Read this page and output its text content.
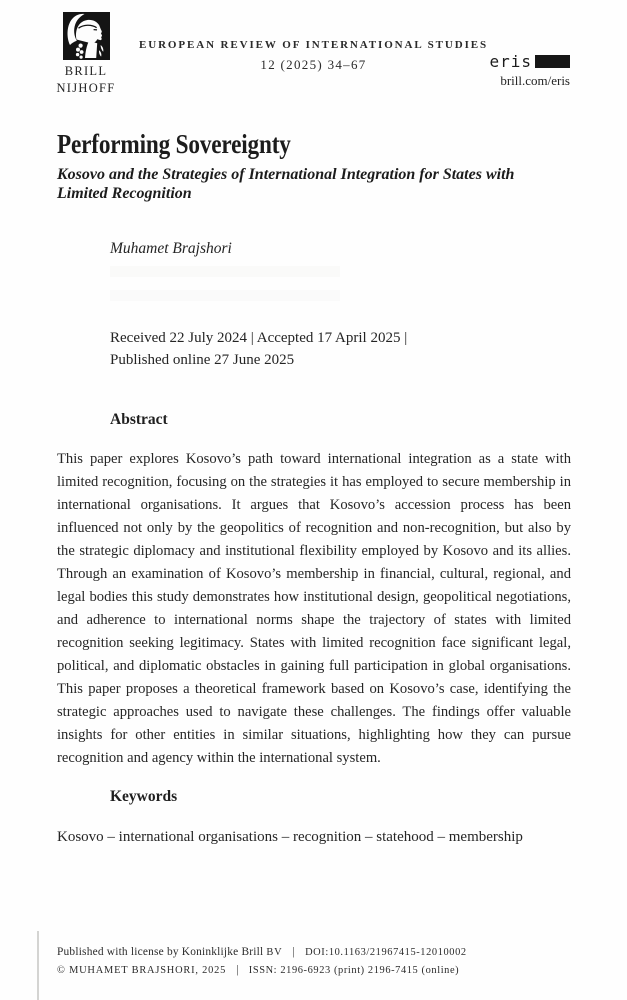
BRILL
NIJHOFF
EUROPEAN REVIEW OF INTERNATIONAL STUDIES
12 (2025) 34–67	eris
brill.com/eris
Performing Sovereignty
Kosovo and the Strategies of International Integration for States with
Limited Recognition
Muhamet Brajshori
Received 22 July 2024 | Accepted 17 April 2025 |
Published online 27 June 2025
Abstract

This paper explores Kosovo’s path toward international integration as a state with limited recognition, focusing on the strategies it has employed to secure membership in international organisations. It argues that Kosovo’s accession process has been influenced not only by the geopolitics of recognition and non-recognition, but also by the strategic diplomacy and institutional flexibility employed by Kosovo and its allies. Through an examination of Kosovo’s membership in financial, cultural, regional, and legal bodies this study demonstrates how institutional design, geopolitical negotiations, and adherence to international norms shape the trajectory of states with limited recognition seeking legitimacy. States with limited recognition face significant legal, political, and diplomatic obstacles in gaining full participation in global organisations. This paper proposes a theoretical framework based on Kosovo’s case, identifying the strategic approaches used to navigate these challenges. The findings offer valuable insights for other entities in similar situations, highlighting how they can pursue recognition and agency within the international system.

Keywords

Kosovo – international organisations – recognition – statehood – membership

Published with license by Koninklijke Brill BV | DOI:10.1163/21967415-12010002
© MUHAMET BRAJSHORI, 2025 | ISSN: 2196-6923 (print) 2196-7415 (online)
